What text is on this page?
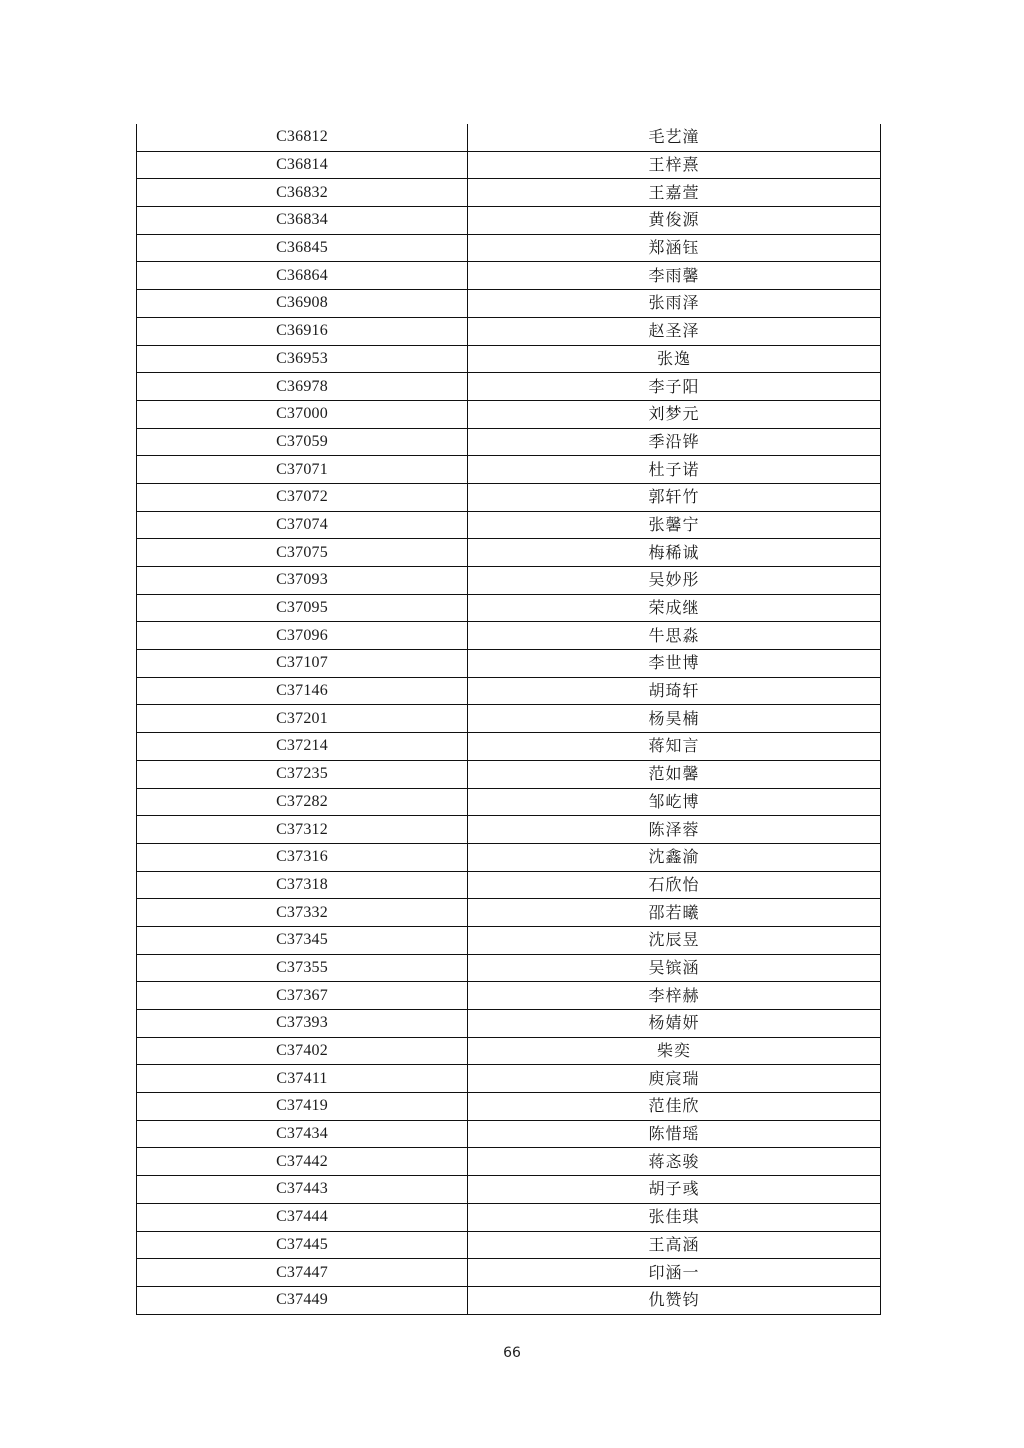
C36812	毛艺潼
C36814	王梓熹
C36832	王嘉萱
C36834	黄俊源
C36845	郑涵钰
C36864	李雨馨
C36908	张雨泽
C36916	赵圣泽
C36953	张逸
C36978	李子阳
C37000	刘梦元
C37059	季沿铧
C37071	杜子诺
C37072	郭轩竹
C37074	张馨宁
C37075	梅稀诚
C37093	吴妙彤
C37095	荣成继
C37096	牛思淼
C37107	李世博
C37146	胡琦轩
C37201	杨昊楠
C37214	蒋知言
C37235	范如馨
C37282	邹屹博
C37312	陈泽蓉
C37316	沈鑫渝
C37318	石欣怡
C37332	邵若曦
C37345	沈辰昱
C37355	吴镔涵
C37367	李梓赫
C37393	杨婧妍
C37402	柴奕
C37411	庾宸瑞
C37419	范佳欣
C37434	陈惜瑶
C37442	蒋忞骏
C37443	胡子彧
C37444	张佳琪
C37445	王高涵
C37447	印涵一
C37449	仇赞钧
66
